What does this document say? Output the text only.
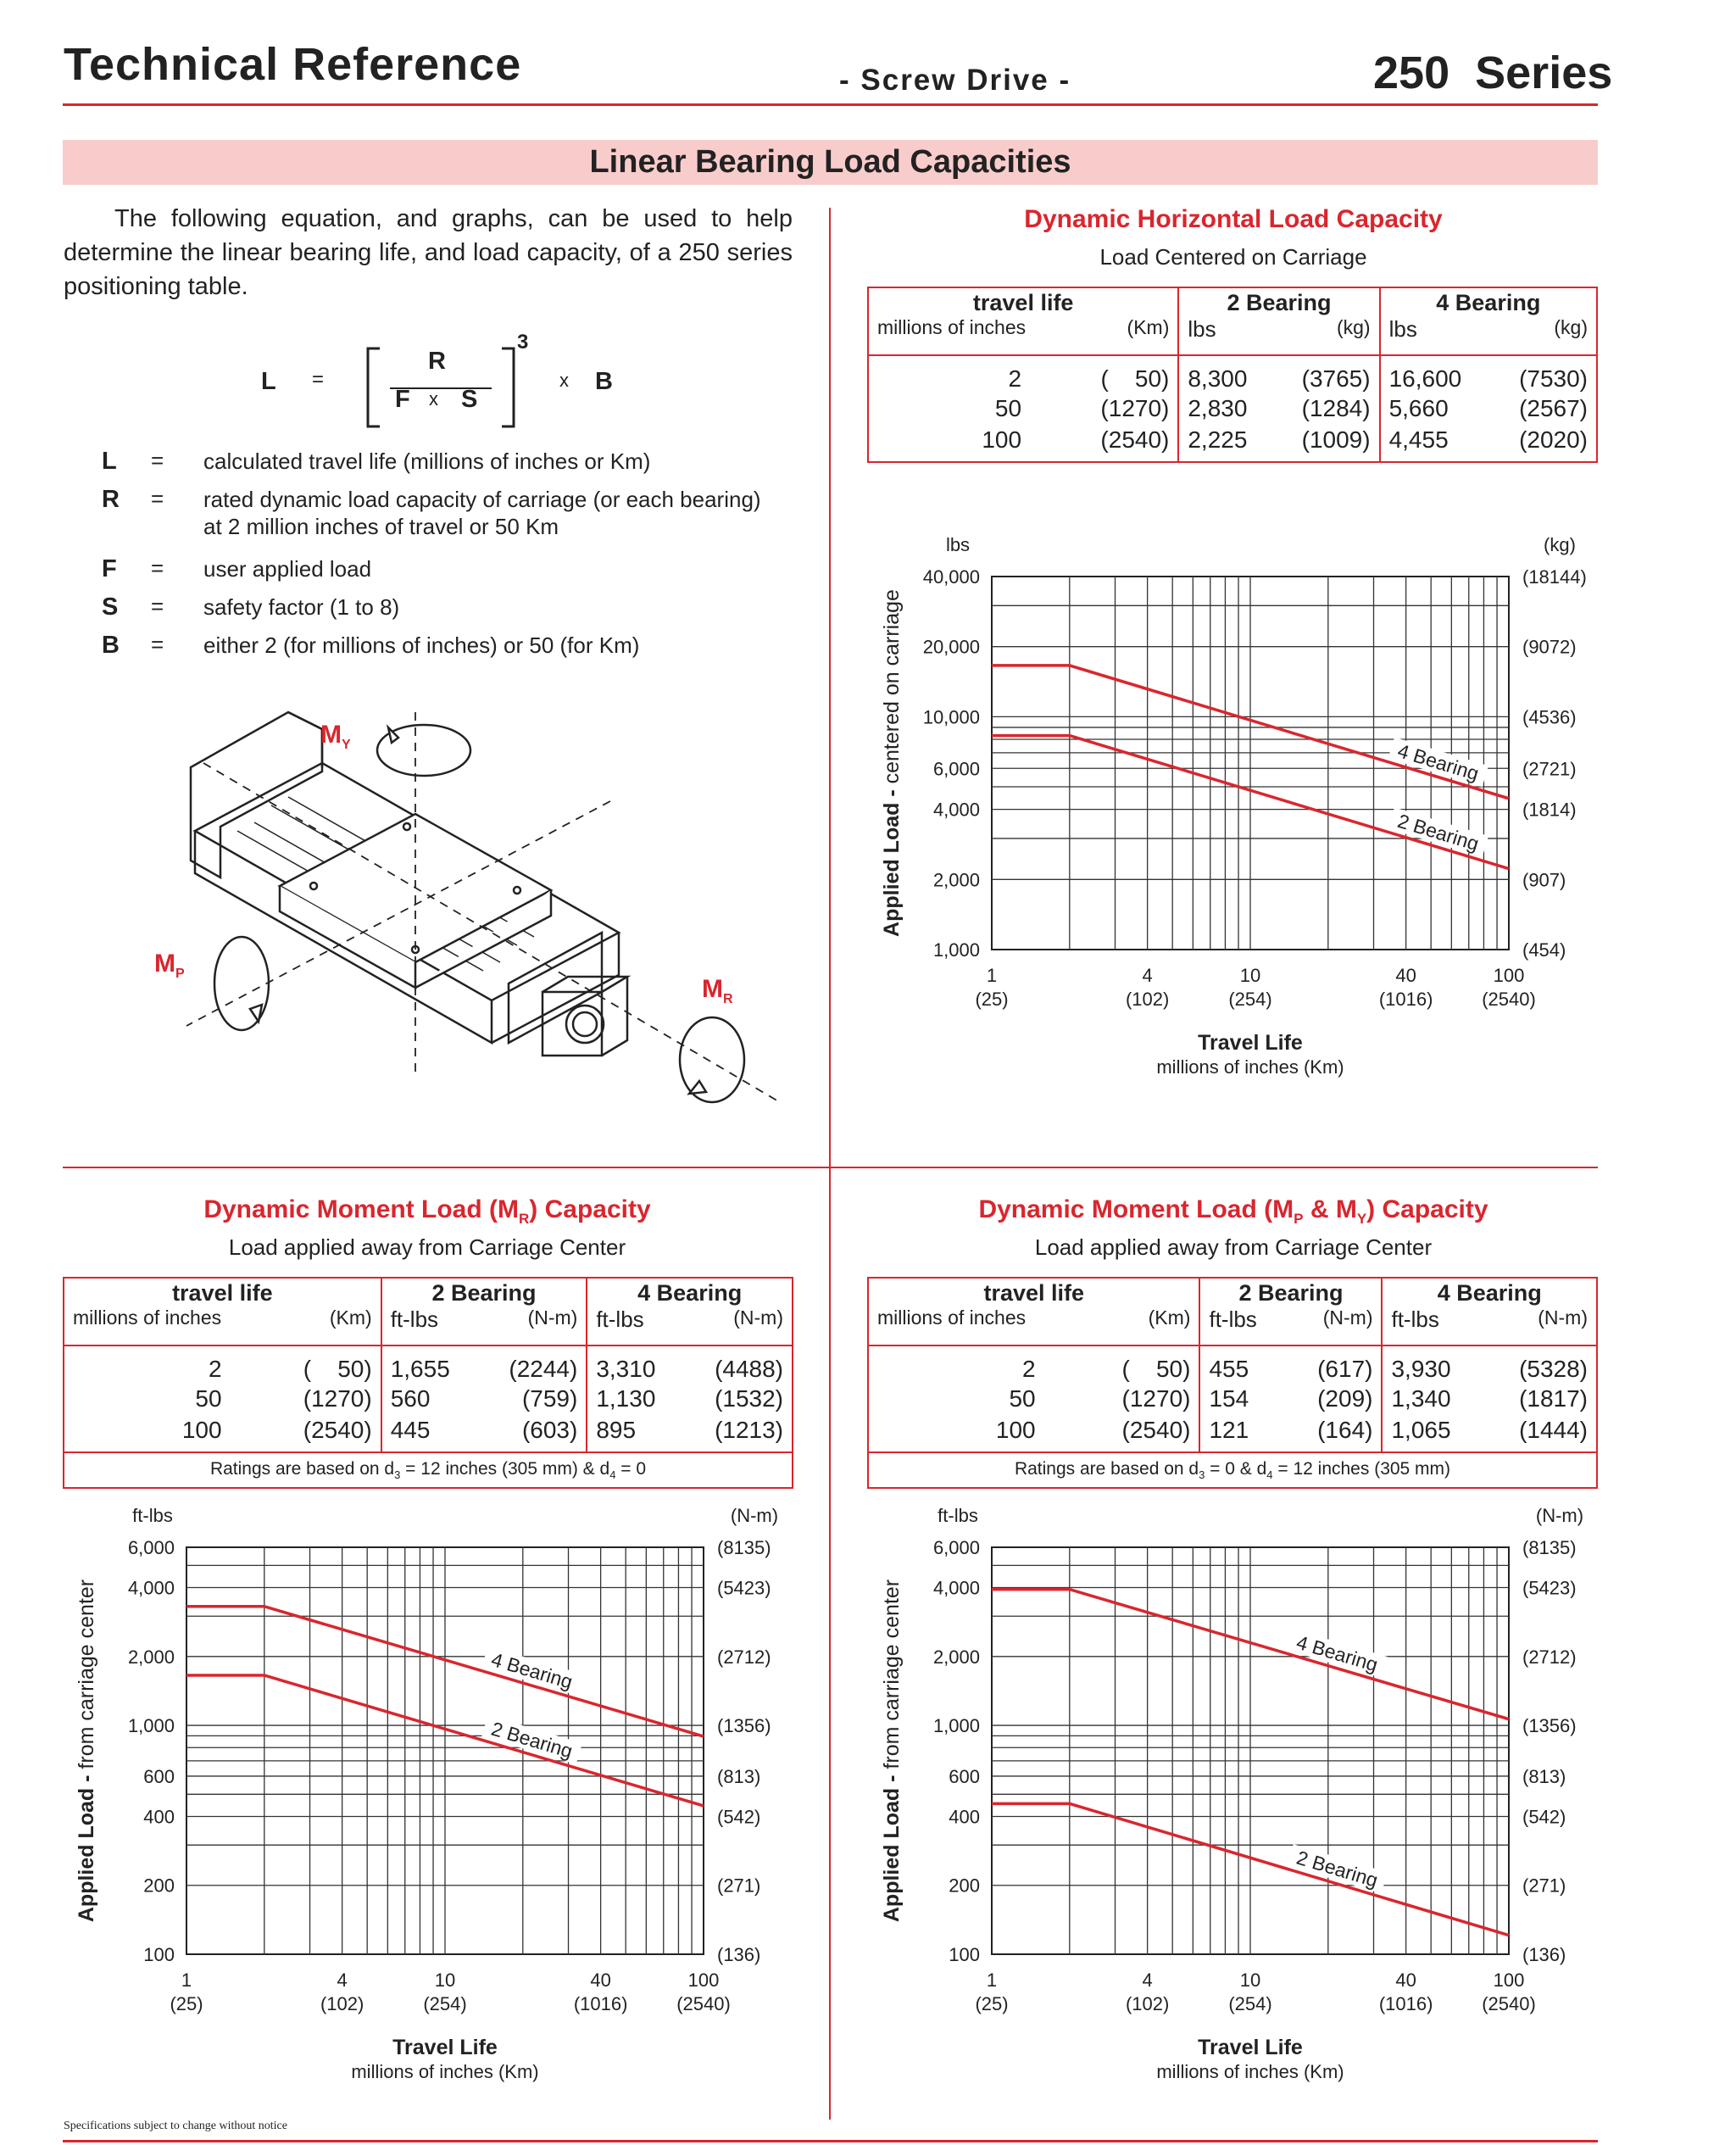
Technical Reference	- Screw Drive -	250 Series
Linear Bearing Load Capacities
The following equation, and graphs, can be used to help determine the linear bearing life, and load capacity, of a 250 series positioning table.
L =
R
F x S
3
x B
L = calculated travel life (millions of inches or Km)
R = rated dynamic load capacity of carriage (or each bearing) at 2 million inches of travel or 50 Km
F = user applied load
S = safety factor (1 to 8)
B = either 2 (for millions of inches) or 50 (for Km)
$M_Y$
$M_P$
$M_R$
Dynamic Horizontal Load Capacity
Load Centered on Carriage
travel life		2 Bearing		4 Bearing	
millions of inches	(Km)	lbs	(kg)	lbs	(kg)
2	(    50)	8,300	(3765)	16,600	(7530)
50	(1270)	2,830	(1284)	5,660	(2567)
100	(2540)	2,225	(1009)	4,455	(2020)

Dynamic Moment Load $(M_R)$ Capacity
Load applied away from Carriage Center
travel life		2 Bearing		4 Bearing	
millions of inches	(Km)	ft-lbs	(N-m)	ft-lbs	(N-m)
2	(    50)	1,655	(2244)	3,310	(4488)
50	(1270)	560	(759)	1,130	(1532)
100	(2540)	445	(603)	895	(1213)

Ratings are based on $d_3 = 12$ inches (305 mm) & $d_4 = 0$					
Dynamic Moment Load ($M_P$ & $M_Y$) Capacity
Load applied away from Carriage Center
travel life		2 Bearing		4 Bearing	
millions of inches	(Km)	ft-lbs	(N-m)	ft-lbs	(N-m)
2	(    50)	455	(617)	3,930	(5328)
50	(1270)	154	(209)	1,340	(1817)
100	(2540)	121	(164)	1,065	(1444)

Ratings are based on $d_3 = 0$ & $d_4 = 12$ inches (305 mm)					
40,000	(18144)
20,000	(9072)
10,000	(4536)
6,000	(2721)
4,000	(1814)
2,000	(907)
1,000	(454)
lbs	(kg)
1
(25)
4
(102)
10
(254)
40
(1016)
100
(2540)
Travel Life
millions of inches (Km)
Applied Load - centered on carriage	4 Bearing
2 Bearing
6,000	(8135)
4,000	(5423)
2,000	(2712)
1,000	(1356)
600	(813)
400	(542)
200	(271)
100	(136)
ft-lbs	(N-m)
1
(25)
4
(102)
10
(254)
40
(1016)
100
(2540)
Travel Life
millions of inches (Km)
Applied Load - from carriage center	4 Bearing
2 Bearing
6,000	(8135)
4,000	(5423)
2,000	(2712)
1,000	(1356)
600	(813)
400	(542)
200	(271)
100	(136)
ft-lbs	(N-m)
1
(25)
4
(102)
10
(254)
40
(1016)
100
(2540)
Travel Life
millions of inches (Km)
Applied Load - from carriage center	4 Bearing
2 Bearing
Specifications subject to change without notice
